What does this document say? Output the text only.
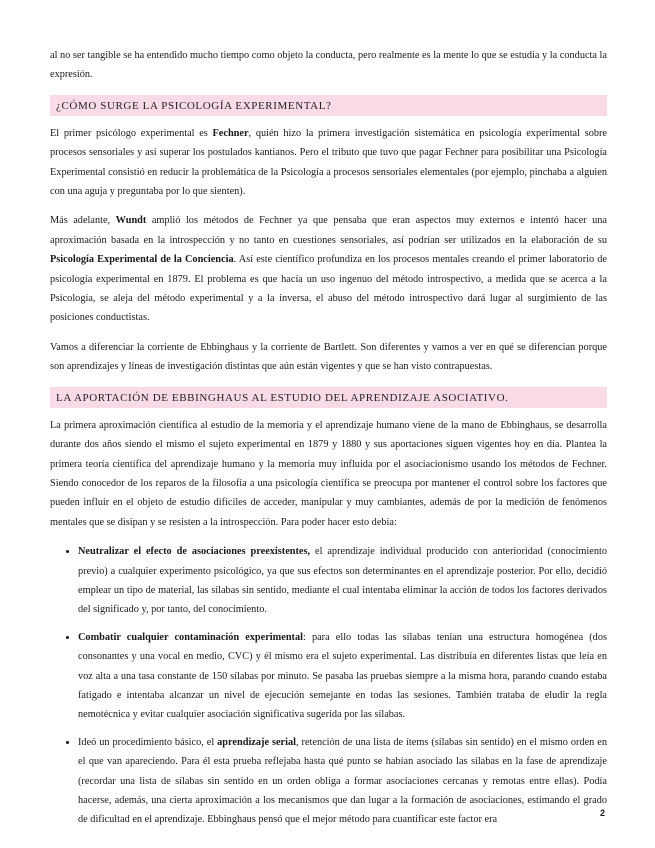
al no ser tangible se ha entendido mucho tiempo como objeto la conducta, pero realmente es la mente lo que se estudia y la conducta la expresión.

¿CÓMO SURGE LA PSICOLOGÍA EXPERIMENTAL?

El primer psicólogo experimental es Fechner, quién hizo la primera investigación sistemática en psicología experimental sobre procesos sensoriales y así superar los postulados kantianos. Pero el tributo que tuvo que pagar Fechner para posibilitar una Psicología Experimental consistió en reducir la problemática de la Psicología a procesos sensoriales elementales (por ejemplo, pinchaba a alguien con una aguja y preguntaba por lo que sienten).

Más adelante, Wundt amplió los métodos de Fechner ya que pensaba que eran aspectos muy externos e intentó hacer una aproximación basada en la introspección y no tanto en cuestiones sensoriales, así podrían ser utilizados en la elaboración de su Psicología Experimental de la Conciencia. Así este científico profundiza en los procesos mentales creando el primer laboratorio de psicología experimental en 1879. El problema es que hacía un uso ingenuo del método introspectivo, a medida que se acerca a la Psicología, se aleja del método experimental y a la inversa, el abuso del método introspectivo dará lugar al surgimiento de las posiciones conductistas.

Vamos a diferenciar la corriente de Ebbinghaus y la corriente de Bartlett. Son diferentes y vamos a ver en qué se diferencian porque son aprendizajes y líneas de investigación distintas que aún están vigentes y que se han visto contrapuestas.

LA APORTACIÓN DE EBBINGHAUS AL ESTUDIO DEL APRENDIZAJE ASOCIATIVO.

La primera aproximación científica al estudio de la memoria y el aprendizaje humano viene de la mano de Ebbinghaus, se desarrolla durante dos años siendo el mismo el sujeto experimental en 1879 y 1880 y sus aportaciones siguen vigentes hoy en día. Plantea la primera teoría científica del aprendizaje humano y la memoria muy influida por el asociacionismo usando los métodos de Fechner. Siendo conocedor de los reparos de la filosofía a una psicología científica se preocupa por mantener el control sobre los factores que pueden influir en el objeto de estudio difíciles de acceder, manipular y muy cambiantes, además de por la medición de fenómenos mentales que se disipan y se resisten a la introspección. Para poder hacer esto debía:

• Neutralizar el efecto de asociaciones preexistentes, el aprendizaje individual producido con anterioridad (conocimiento previo) a cualquier experimento psicológico, ya que sus efectos son determinantes en el aprendizaje posterior. Por ello, decidió emplear un tipo de material, las sílabas sin sentido, mediante el cual intentaba eliminar la acción de todos los factores derivados del significado y, por tanto, del conocimiento.
• Combatir cualquier contaminación experimental: para ello todas las sílabas tenían una estructura homogénea (dos consonantes y una vocal en medio, CVC) y él mismo era el sujeto experimental. Las distribuía en diferentes listas que leía en voz alta a una tasa constante de 150 sílabas por minuto. Se pasaba las pruebas siempre a la misma hora, parando cuando estaba fatigado e intentaba alcanzar un nivel de ejecución semejante en todas las sesiones. También trataba de eludir la regla nemotécnica y evitar cualquier asociación significativa sugerida por las sílabas.
• Ideó un procedimiento básico, el aprendizaje serial, retención de una lista de ítems (sílabas sin sentido) en el mismo orden en el que van apareciendo. Para él esta prueba reflejaba hasta qué punto se habían asociado las sílabas en la fase de aprendizaje (recordar una lista de sílabas sin sentido en un orden obliga a formar asociaciones cercanas y remotas entre ellas). Podía hacerse, además, una cierta aproximación a los mecanismos que dan lugar a la formación de asociaciones, estimando el grado de dificultad en el aprendizaje. Ebbinghaus pensó que el mejor método para cuantificar este factor era
2
